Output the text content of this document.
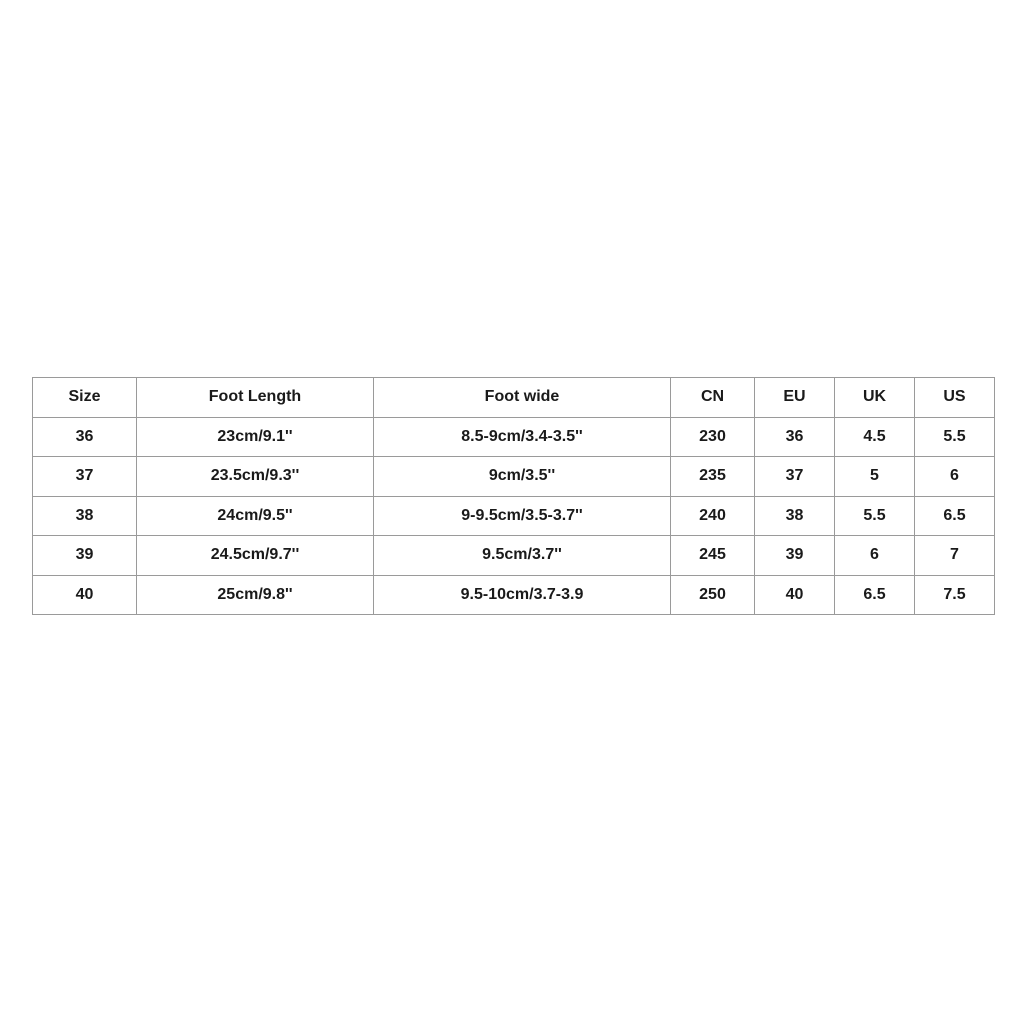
Size	Foot Length	Foot wide	CN	EU	UK	US
36	23cm/9.1''	8.5-9cm/3.4-3.5''	230	36	4.5	5.5
37	23.5cm/9.3''	9cm/3.5''	235	37	5	6
38	24cm/9.5''	9-9.5cm/3.5-3.7''	240	38	5.5	6.5
39	24.5cm/9.7''	9.5cm/3.7''	245	39	6	7
40	25cm/9.8''	9.5-10cm/3.7-3.9	250	40	6.5	7.5
